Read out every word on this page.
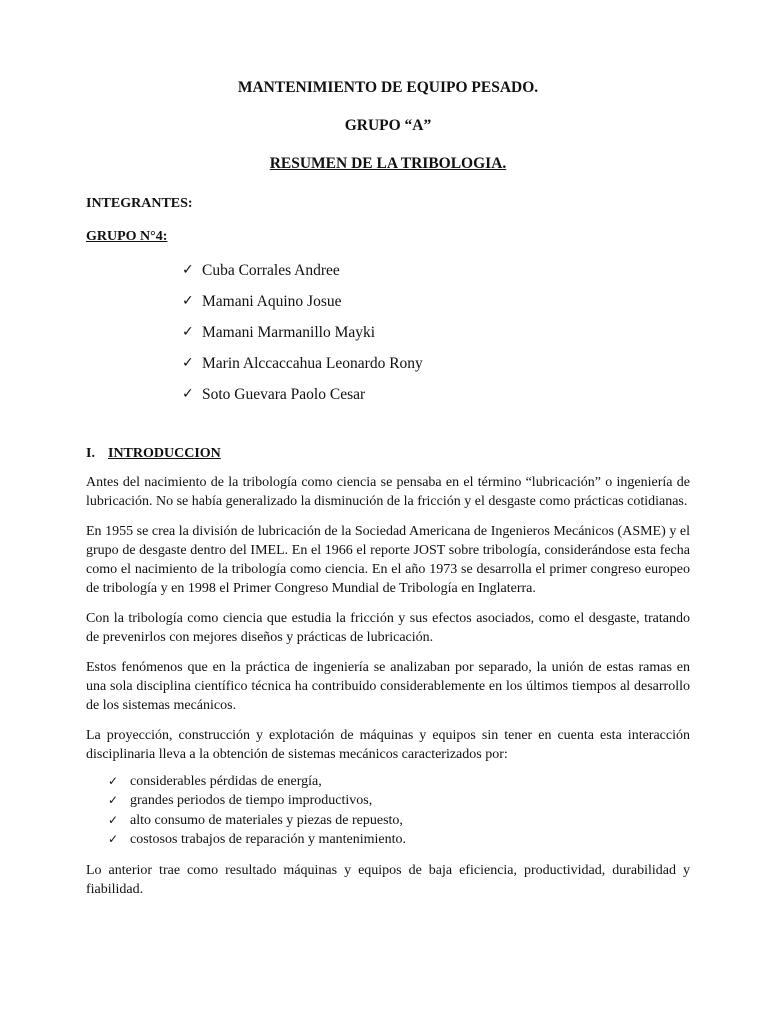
MANTENIMIENTO DE EQUIPO PESADO.
GRUPO “A”
RESUMEN DE LA TRIBOLOGIA.
INTEGRANTES:
GRUPO N°4:
✓ Cuba Corrales Andree
✓ Mamani Aquino Josue
✓ Mamani Marmanillo Mayki
✓ Marin Alccaccahua Leonardo Rony
✓ Soto Guevara Paolo Cesar
I. INTRODUCCION

Antes del nacimiento de la tribología como ciencia se pensaba en el término “lubricación” o ingeniería de lubricación. No se había generalizado la disminución de la fricción y el desgaste como prácticas cotidianas.

En 1955 se crea la división de lubricación de la Sociedad Americana de Ingenieros Mecánicos (ASME) y el grupo de desgaste dentro del IMEL. En el 1966 el reporte JOST sobre tribología, considerándose esta fecha como el nacimiento de la tribología como ciencia. En el año 1973 se desarrolla el primer congreso europeo de tribología y en 1998 el Primer Congreso Mundial de Tribología en Inglaterra.

Con la tribología como ciencia que estudia la fricción y sus efectos asociados, como el desgaste, tratando de prevenirlos con mejores diseños y prácticas de lubricación.

Estos fenómenos que en la práctica de ingeniería se analizaban por separado, la unión de estas ramas en una sola disciplina científico técnica ha contribuido considerablemente en los últimos tiempos al desarrollo de los sistemas mecánicos.

La proyección, construcción y explotación de máquinas y equipos sin tener en cuenta esta interacción disciplinaria lleva a la obtención de sistemas mecánicos caracterizados por:

✓ considerables pérdidas de energía,
✓ grandes periodos de tiempo improductivos,
✓ alto consumo de materiales y piezas de repuesto,
✓ costosos trabajos de reparación y mantenimiento.

Lo anterior trae como resultado máquinas y equipos de baja eficiencia, productividad, durabilidad y fiabilidad.
